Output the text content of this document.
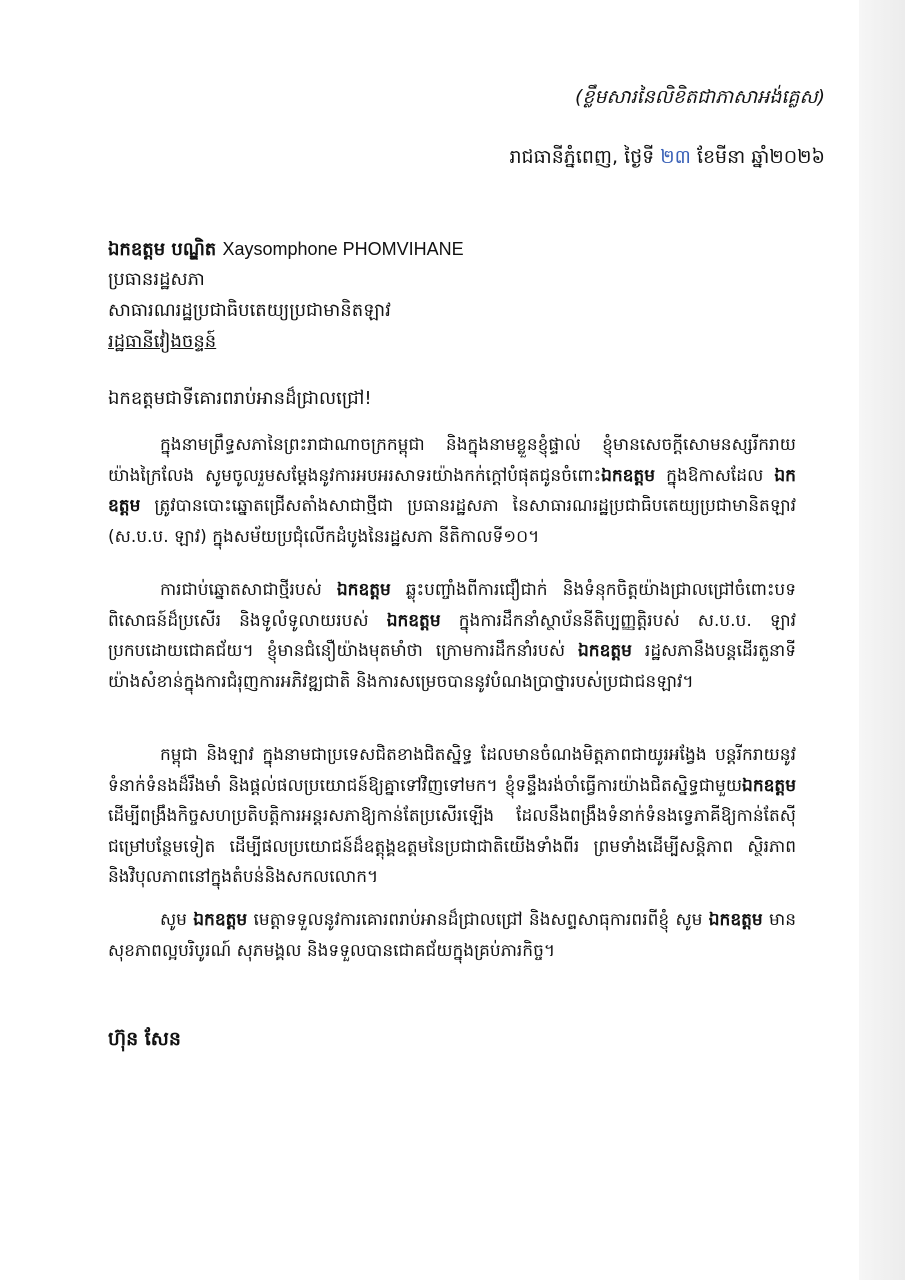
(ខ្លឹមសារនៃលិខិតជាភាសាអង់គ្លេស)
រាជធានីភ្នំពេញ, ថ្ងៃទី ២៣ ខែមីនា ឆ្នាំ២០២៦
ឯកឧត្តម បណ្ឌិត Xaysomphone PHOMVIHANE
ប្រធានរដ្ឋសភា
សាធារណរដ្ឋប្រជាធិបតេយ្យប្រជាមានិតឡាវ
រដ្ឋធានីវៀងចន្ទន៍
ឯកឧត្តមជាទីគោរពរាប់អានដ៏ជ្រាលជ្រៅ!
ក្នុងនាមព្រឹទ្ធសភានៃព្រះរាជាណាចក្រកម្ពុជា និងក្នុងនាមខ្លួនខ្ញុំផ្ទាល់ ខ្ញុំមានសេចក្តីសោមនស្សរីករាយយ៉ាងក្រៃលែង សូមចូលរួមសម្តែងនូវការអបអរសាទរយ៉ាងកក់ក្តៅបំផុតជូនចំពោះឯកឧត្តម ក្នុងឱកាសដែល ឯកឧត្តម ត្រូវបានបោះឆ្នោតជ្រើសតាំងសាជាថ្មីជា ប្រធានរដ្ឋសភា នៃសាធារណរដ្ឋប្រជាធិបតេយ្យប្រជាមានិតឡាវ (ស.ប.ប. ឡាវ) ក្នុងសម័យប្រជុំលើកដំបូងនៃរដ្ឋសភា នីតិកាលទី១០។
ការជាប់ឆ្នោតសាជាថ្មីរបស់ ឯកឧត្តម ឆ្លុះបញ្ចាំងពីការជឿជាក់ និងទំនុកចិត្តយ៉ាងជ្រាលជ្រៅចំពោះបទពិសោធន៍ដ៏ប្រសើរ និងទូលំទូលាយរបស់ ឯកឧត្តម ក្នុងការដឹកនាំស្ថាប័ននីតិប្បញ្ញត្តិរបស់ ស.ប.ប. ឡាវ ប្រកបដោយជោគជ័យ។ ខ្ញុំមានជំនឿយ៉ាងមុតមាំថា ក្រោមការដឹកនាំរបស់ ឯកឧត្តម រដ្ឋសភានឹងបន្តដើរតួនាទីយ៉ាងសំខាន់ក្នុងការជំរុញការអភិវឌ្ឍជាតិ និងការសម្រេចបាននូវបំណងប្រាថ្នារបស់ប្រជាជនឡាវ។
កម្ពុជា និងឡាវ ក្នុងនាមជាប្រទេសជិតខាងជិតស្និទ្ធ ដែលមានចំណងមិត្តភាពជាយូរអង្វែង បន្តរីករាយនូវទំនាក់ទំនងដ៏រឹងមាំ និងផ្តល់ផលប្រយោជន៍ឱ្យគ្នាទៅវិញទៅមក។ ខ្ញុំទន្ទឹងរង់ចាំធ្វើការយ៉ាងជិតស្និទ្ធជាមួយឯកឧត្តម ដើម្បីពង្រឹងកិច្ចសហប្រតិបត្តិការអន្តរសភាឱ្យកាន់តែប្រសើរឡើង ដែលនឹងពង្រឹងទំនាក់ទំនងទ្វេភាគីឱ្យកាន់តែស៊ីជម្រៅបន្ថែមទៀត ដើម្បីផលប្រយោជន៍ដ៏ឧត្តុង្គឧត្តមនៃប្រជាជាតិយើងទាំងពីរ ព្រមទាំងដើម្បីសន្តិភាព ស្ថិរភាព និងវិបុលភាពនៅក្នុងតំបន់និងសកលលោក។
សូម ឯកឧត្តម មេត្តាទទួលនូវការគោរពរាប់អានដ៏ជ្រាលជ្រៅ និងសព្ទសាធុការពរពីខ្ញុំ សូម ឯកឧត្តម មានសុខភាពល្អបរិបូរណ៍ សុភមង្គល និងទទួលបានជោគជ័យក្នុងគ្រប់ភារកិច្ច។
ហ៊ុន សែន
